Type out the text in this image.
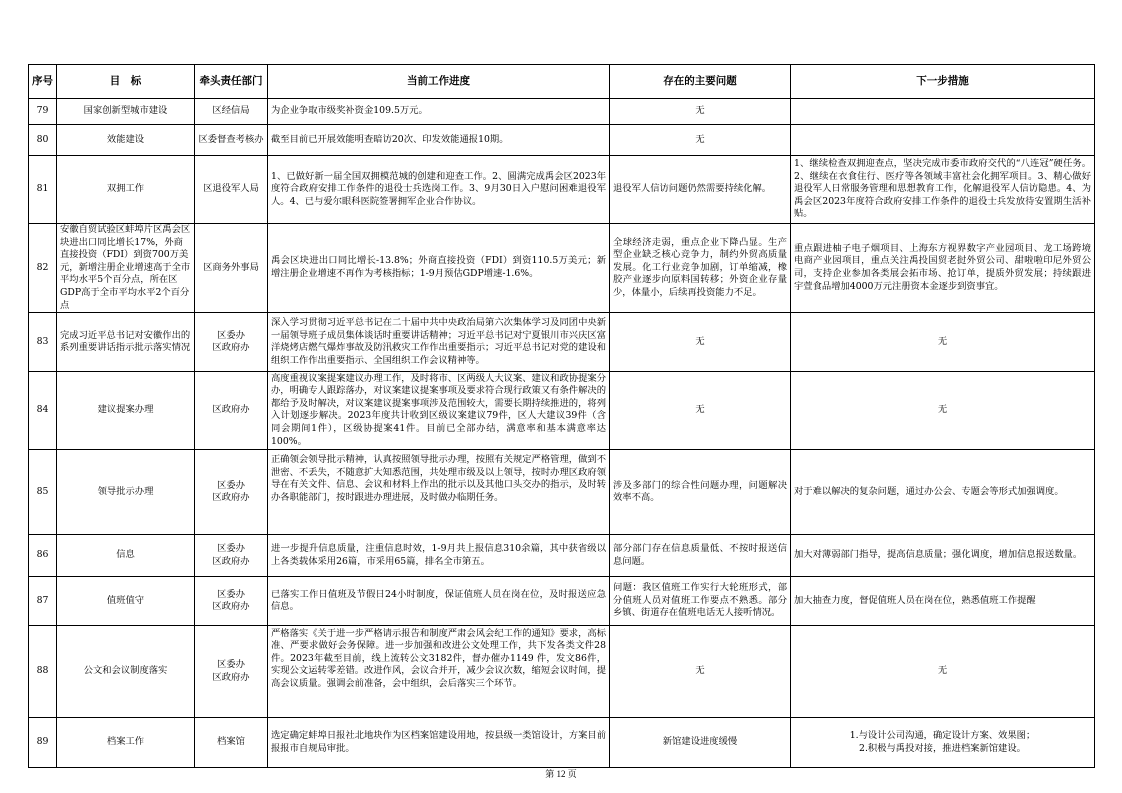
序号	目　标	牵头责任部门	当前工作进度	存在的主要问题	下一步措施
79	国家创新型城市建设	区经信局	为企业争取市级奖补资金109.5万元。	无	
80	效能建设	区委督查考核办	截至目前已开展效能明查暗访20次、印发效能通报10期。	无	
81	双拥工作	区退役军人局	1、已做好新一届全国双拥模范城的创建和迎查工作。2、圆满完成禹会区2023年度符合政府安排工作条件的退役士兵选岗工作。3、9月30日入户慰问困难退役军人。4、已与爱尔眼科医院签署拥军企业合作协议。	退役军人信访问题仍然需要持续化解。	1、继续检查双拥迎查点，坚决完成市委市政府交代的“八连冠”硬任务。2、继续在衣食住行、医疗等各领域丰富社会化拥军项目。3、精心做好退役军人日常服务管理和思想教育工作，化解退役军人信访隐患。4、为禹会区2023年度符合政府安排工作条件的退役士兵发放待安置期生活补贴。
82	安徽自贸试验区蚌埠片区禹会区块进出口同比增长17%，外商直接投资（FDI）到资700万美元，新增注册企业增速高于全市平均水平5个百分点，所在区GDP高于全市平均水平2个百分点	区商务外事局	禹会区块进出口同比增长-13.8%；外商直接投资（FDI）到资110.5万美元；新增注册企业增速不再作为考核指标；1-9月预估GDP增速-1.6%。	全球经济走弱，重点企业下降凸显。生产型企业缺乏核心竞争力，制约外贸高质量发展。化工行业竞争加剧，订单缩减，橡胶产业逐步向原料国转移；外资企业存量少，体量小，后续再投资能力不足。	重点跟进柚子电子烟项目、上海东方视界数字产业园项目、龙工场跨境电商产业园项目，重点关注禹投国贸老挝外贸公司、甜啦啦印尼外贸公司，支持企业参加各类展会拓市场、抢订单，提质外贸发展；持续跟进宇萱食品增加4000万元注册资本金逐步到资事宜。
83	完成习近平总书记对安徽作出的系列重要讲话指示批示落实情况	区委办
区政府办	深入学习贯彻习近平总书记在二十届中共中央政治局第六次集体学习及同团中央新一届领导班子成员集体谈话时重要讲话精神；习近平总书记对宁夏银川市兴庆区富洋烧烤店燃气爆炸事故及防汛救灾工作作出重要指示；习近平总书记对党的建设和组织工作作出重要指示、全国组织工作会议精神等。	无	无
84	建议提案办理	区政府办	高度重视议案提案建议办理工作，及时将市、区两级人大议案、建议和政协提案分办，明确专人跟踪落办，对议案建议提案事项及要求符合现行政策又有条件解决的都给予及时解决，对议案建议提案事项涉及范围较大，需要长期持续推进的，将列入计划逐步解决。2023年度共计收到区级议案建议79件，区人大建议39件（含同会期间1件），区级协提案41件。目前已全部办结，满意率和基本满意率达100%。	无	无
85	领导批示办理	区委办
区政府办	正确领会领导批示精神，认真按照领导批示办理，按照有关规定严格管理，做到不泄密、不丢失，不随意扩大知悉范围，共处理市级及以上领导，按时办理区政府领导在有关文件、信息、会议和材料上作出的批示以及其他口头交办的指示，及时转办各职能部门，按时跟进办理进展，及时做办临期任务。	涉及多部门的综合性问题办理，问题解决效率不高。	对于难以解决的复杂问题，通过办公会、专题会等形式加强调度。
86	信息	区委办
区政府办	进一步提升信息质量，注重信息时效，1-9月共上报信息310余篇，其中获省级以上各类载体采用26篇，市采用65篇，排名全市第五。	部分部门存在信息质量低、不按时报送信息问题。	加大对薄弱部门指导，提高信息质量；强化调度，增加信息报送数量。
87	值班值守	区委办
区政府办	已落实工作日值班及节假日24小时制度，保证值班人员在岗在位，及时报送应急信息。	问题：我区值班工作实行大轮班形式，部分值班人员对值班工作要点不熟悉。部分乡镇、街道存在值班电话无人接听情况。	加大抽查力度，督促值班人员在岗在位，熟悉值班工作提醒
88	公文和会议制度落实	区委办
区政府办	严格落实《关于进一步严格请示报告和制度严肃会风会纪工作的通知》要求，高标准、严要求做好会务保障。进一步加强和改进公文处理工作，共下发各类文件28件。2023年截至目前，线上流转公文3182件，督办催办1149 件，发文86件，实现公文运转零差错。改进作风，会议合并开，减少会议次数，缩短会议时间，提高会议质量。强调会前准备，会中组织，会后落实三个环节。	无	无
89	档案工作	档案馆	选定确定蚌埠日报社北地块作为区档案馆建设用地，按县级一类馆设计，方案目前报报市自规局审批。	新馆建设进度缓慢	1.与设计公司沟通，确定设计方案、效果图；
2.积极与禹投对接，推进档案新馆建设。
第 12 页
